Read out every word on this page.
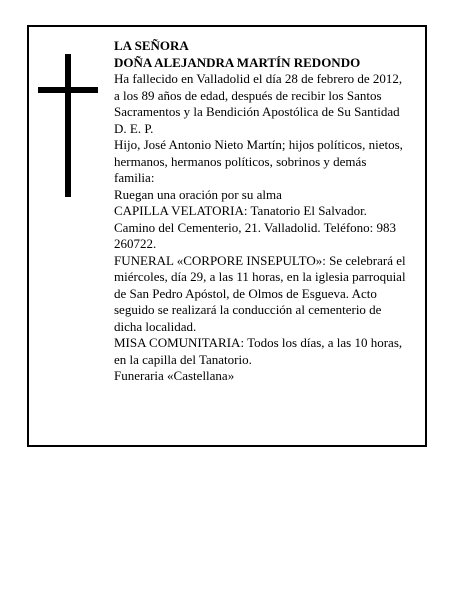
LA SEÑORA
DOÑA ALEJANDRA MARTÍN REDONDO
Ha fallecido en Valladolid el día 28 de febrero de 2012,
a los 89 años de edad, después de recibir los Santos
Sacramentos y la Bendición Apostólica de Su Santidad
D. E. P.
Hijo, José Antonio Nieto Martín; hijos políticos, nietos,
hermanos, hermanos políticos, sobrinos y demás
familia:
Ruegan una oración por su alma
CAPILLA VELATORIA: Tanatorio El Salvador.
Camino del Cementerio, 21. Valladolid. Teléfono: 983
260722.
FUNERAL «CORPORE INSEPULTO»: Se celebrará el
miércoles, día 29, a las 11 horas, en la iglesia parroquial
de San Pedro Apóstol, de Olmos de Esgueva. Acto
seguido se realizará la conducción al cementerio de
dicha localidad.
MISA COMUNITARIA: Todos los días, a las 10 horas,
en la capilla del Tanatorio.
Funeraria «Castellana»
